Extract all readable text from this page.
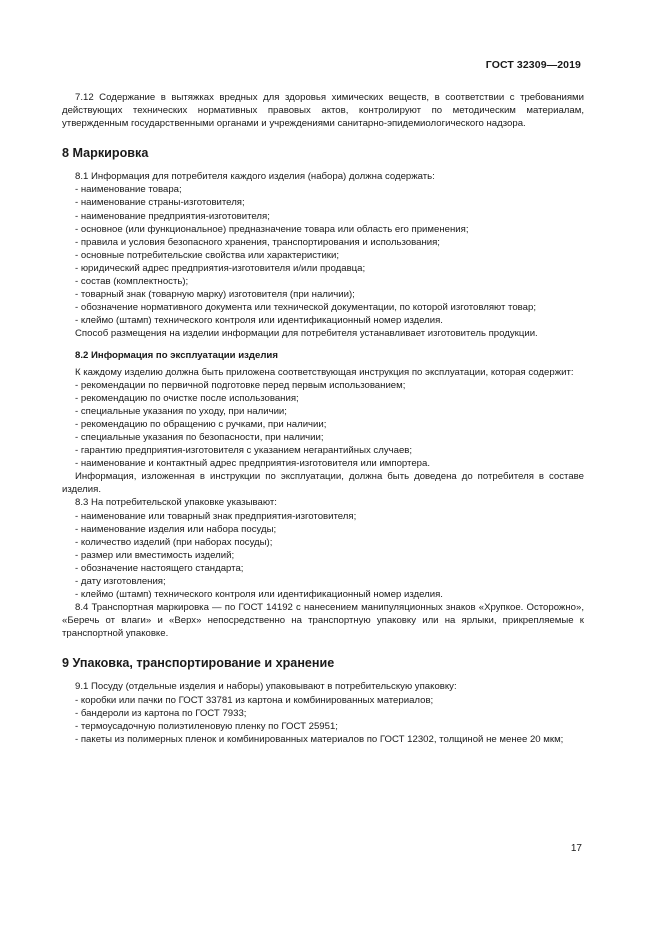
ГОСТ 32309—2019

7.12 Содержание в вытяжках вредных для здоровья химических веществ, в соответствии с требованиями действующих технических нормативных правовых актов, контролируют по методическим материалам, утвержденным государственными органами и учреждениями санитарно-эпидемиологического надзора.

8 Маркировка

8.1 Информация для потребителя каждого изделия (набора) должна содержать:

- наименование товара;

- наименование страны-изготовителя;

- наименование предприятия-изготовителя;

- основное (или функциональное) предназначение товара или область его применения;

- правила и условия безопасного хранения, транспортирования и использования;

- основные потребительские свойства или характеристики;

- юридический адрес предприятия-изготовителя и/или продавца;

- состав (комплектность);

- товарный знак (товарную марку) изготовителя (при наличии);

- обозначение нормативного документа или технической документации, по которой изготовляют товар;

- клеймо (штамп) технического контроля или идентификационный номер изделия.

Способ размещения на изделии информации для потребителя устанавливает изготовитель продукции.

8.2 Информация по эксплуатации изделия

К каждому изделию должна быть приложена соответствующая инструкция по эксплуатации, которая содержит:

- рекомендации по первичной подготовке перед первым использованием;

- рекомендацию по очистке после использования;

- специальные указания по уходу, при наличии;

- рекомендацию по обращению с ручками, при наличии;

- специальные указания по безопасности, при наличии;

- гарантию предприятия-изготовителя с указанием негарантийных случаев;

- наименование и контактный адрес предприятия-изготовителя или импортера.

Информация, изложенная в инструкции по эксплуатации, должна быть доведена до потребителя в составе изделия.

8.3 На потребительской упаковке указывают:

- наименование или товарный знак предприятия-изготовителя;

- наименование изделия или набора посуды;

- количество изделий (при наборах посуды);

- размер или вместимость изделий;

- обозначение настоящего стандарта;

- дату изготовления;

- клеймо (штамп) технического контроля или идентификационный номер изделия.

8.4 Транспортная маркировка — по ГОСТ 14192 с нанесением манипуляционных знаков «Хрупкое. Осторожно», «Беречь от влаги» и «Верх» непосредственно на транспортную упаковку или на ярлыки, прикрепляемые к транспортной упаковке.

9 Упаковка, транспортирование и хранение

9.1 Посуду (отдельные изделия и наборы) упаковывают в потребительскую упаковку:

- коробки или пачки по ГОСТ 33781 из картона и комбинированных материалов;

- бандероли из картона по ГОСТ 7933;

- термоусадочную полиэтиленовую пленку по ГОСТ 25951;

- пакеты из полимерных пленок и комбинированных материалов по ГОСТ 12302, толщиной не менее 20 мкм;

17
